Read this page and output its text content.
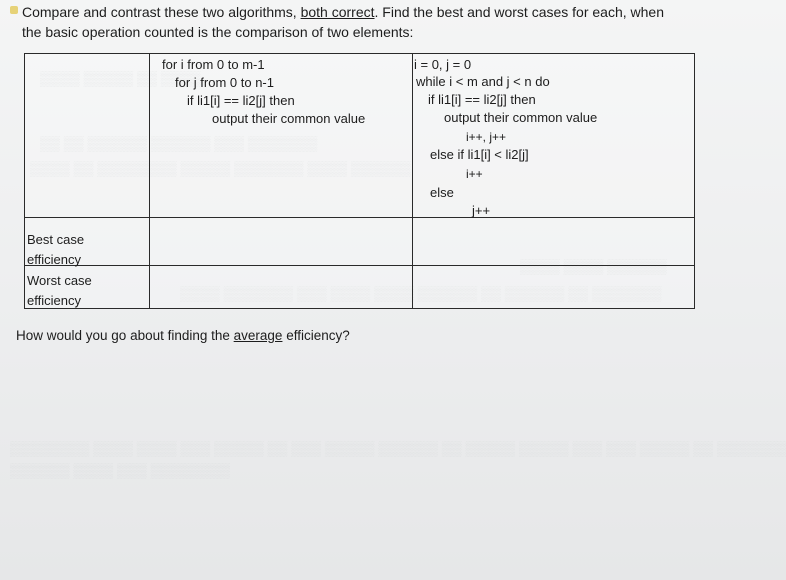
▒▒▒▒ ▒▒▒▒▒ ▒▒ ▒▒▒▒
▒▒ ▒▒ ▒▒▒▒▒▒ ▒▒▒▒▒▒ ▒▒▒ ▒▒▒▒▒▒▒
▒▒▒▒ ▒▒ ▒▒▒▒▒▒▒▒ ▒▒▒▒▒ ▒▒▒▒▒▒▒ ▒▒▒▒ ▒▒▒▒▒▒
▒▒▒▒ ▒▒▒▒ ▒▒▒▒▒▒
▒▒▒▒ ▒▒▒▒▒▒▒ ▒▒▒ ▒▒▒▒ ▒▒▒▒ ▒▒▒▒▒▒ ▒▒ ▒▒▒▒▒▒ ▒▒ ▒▒▒▒▒▒▒
▒▒▒▒▒▒▒▒ ▒▒▒▒ ▒▒▒▒ ▒▒▒ ▒▒▒▒▒ ▒▒ ▒▒▒ ▒▒▒▒▒ ▒▒▒▒▒▒ ▒▒ ▒▒▒▒▒ ▒▒▒▒▒ ▒▒▒ ▒▒▒ ▒▒▒▒▒ ▒▒ ▒▒▒▒▒▒▒
▒▒▒▒▒▒ ▒▒▒▒ ▒▒▒ ▒▒▒▒▒▒▒▒
Compare and contrast these two algorithms, both correct. Find the best and worst cases for each, when the basic operation counted is the comparison of two elements:
for i from 0 to m-1
for j from 0 to n-1
if li1[i] == li2[j] then
output their common value
i = 0, j = 0
while i < m and j < n do
if li1[i] == li2[j] then
output their common value
i++, j++
else if li1[i] < li2[j]
i++
else
j++
Best case
efficiency
Worst case
efficiency
How would you go about finding the average efficiency?
